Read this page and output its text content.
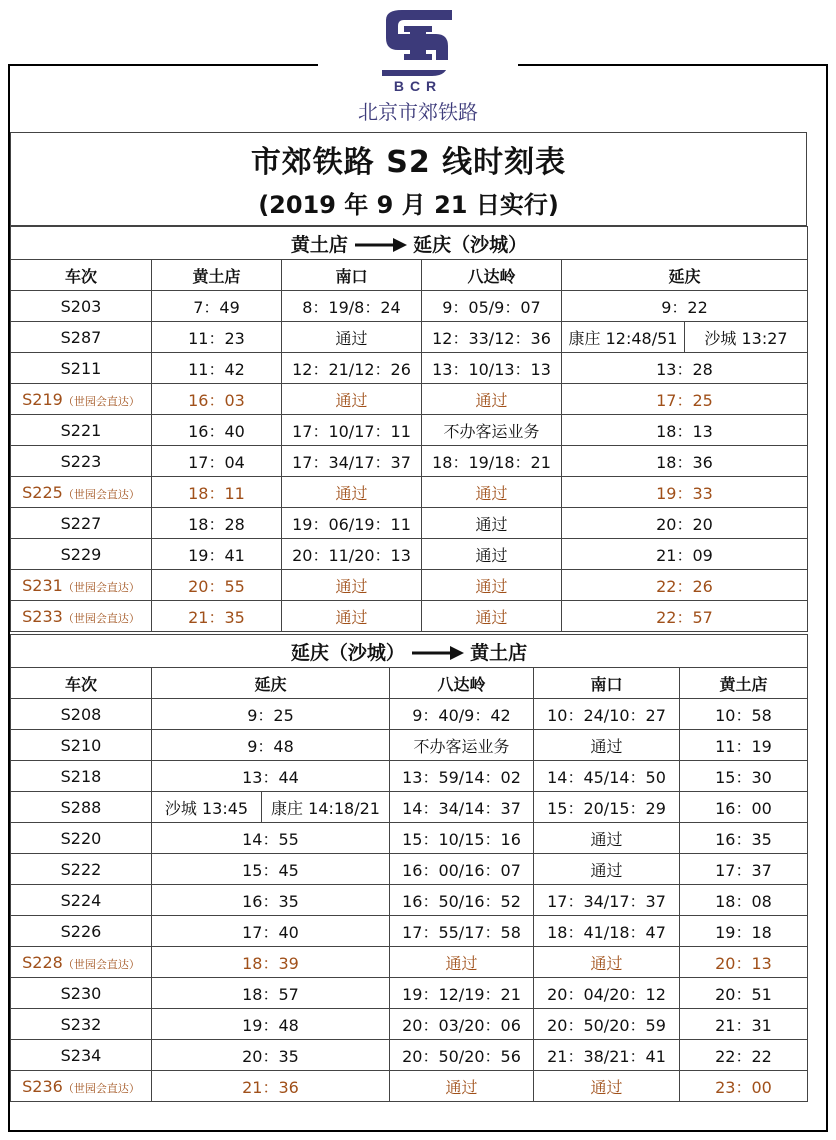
BCR
北京市郊铁路
市郊铁路 S2 线时刻表
(2019 年 9 月 21 日实行)
黄土店 延庆（沙城）					
车次	黄土店	南口	八达岭	延庆	
S203	7：49	8：19/8：24	9：05/9：07	9：22	
S287	11：23	通过	12：33/12：36	康庄 12:48/51	沙城 13:27
S211	11：42	12：21/12：26	13：10/13：13	13：28	
S219（世园会直达）	16：03	通过	通过	17：25	
S221	16：40	17：10/17：11	不办客运业务	18：13	
S223	17：04	17：34/17：37	18：19/18：21	18：36	
S225（世园会直达）	18：11	通过	通过	19：33	
S227	18：28	19：06/19：11	通过	20：20	
S229	19：41	20：11/20：13	通过	21：09	
S231（世园会直达）	20：55	通过	通过	22：26	
S233（世园会直达）	21：35	通过	通过	22：57	
延庆（沙城） 黄土店					
车次	延庆		八达岭	南口	黄土店
S208	9：25		9：40/9：42	10：24/10：27	10：58
S210	9：48		不办客运业务	通过	11：19
S218	13：44		13：59/14：02	14：45/14：50	15：30
S288	沙城 13:45	康庄 14:18/21	14：34/14：37	15：20/15：29	16：00
S220	14：55		15：10/15：16	通过	16：35
S222	15：45		16：00/16：07	通过	17：37
S224	16：35		16：50/16：52	17：34/17：37	18：08
S226	17：40		17：55/17：58	18：41/18：47	19：18
S228（世园会直达）	18：39		通过	通过	20：13
S230	18：57		19：12/19：21	20：04/20：12	20：51
S232	19：48		20：03/20：06	20：50/20：59	21：31
S234	20：35		20：50/20：56	21：38/21：41	22：22
S236（世园会直达）	21：36		通过	通过	23：00
